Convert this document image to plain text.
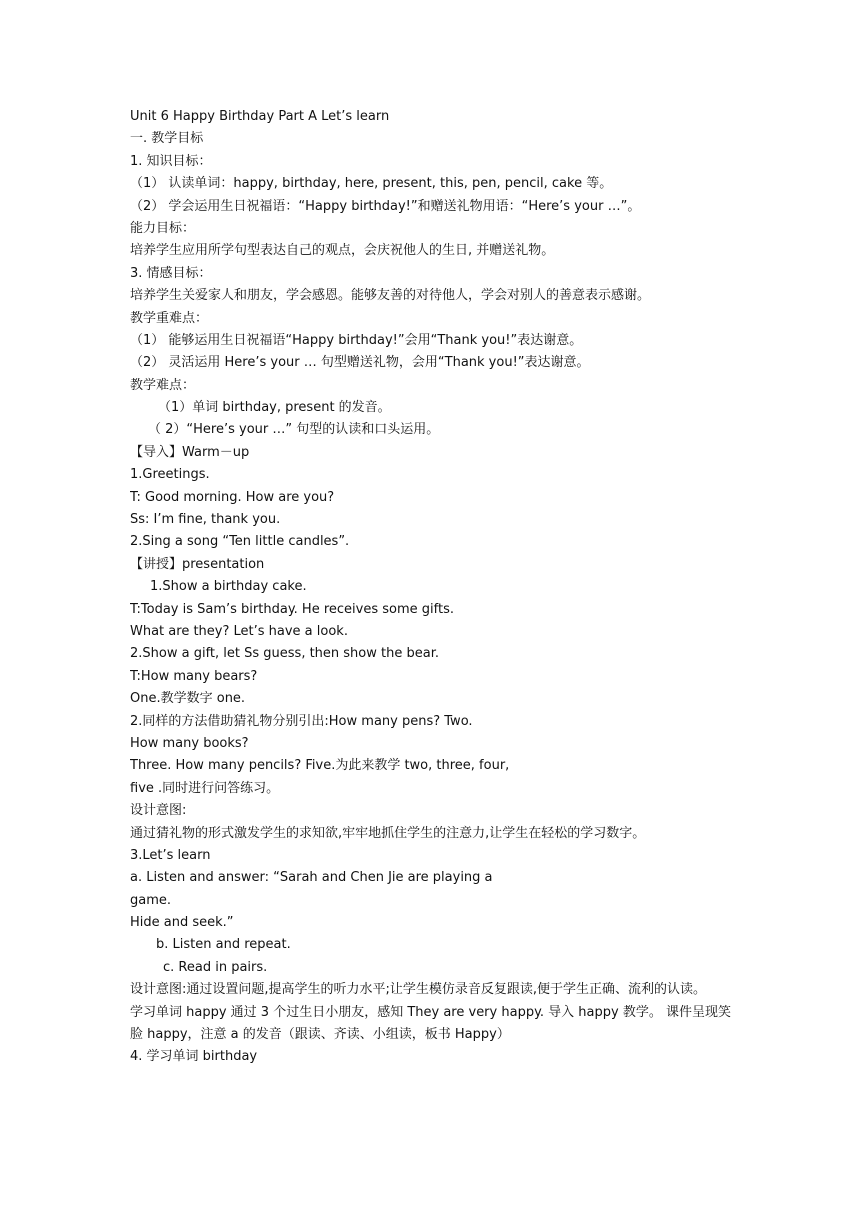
Unit 6 Happy Birthday Part A Let’s learn
一. 教学目标
1. 知识目标：
（1） 认读单词：happy, birthday, here, present, this, pen, pencil, cake 等。
（2） 学会运用生日祝福语：“Happy birthday!”和赠送礼物用语：“Here’s your …”。
能力目标：
培养学生应用所学句型表达自己的观点，会庆祝他人的生日, 并赠送礼物。
3. 情感目标：
培养学生关爱家人和朋友，学会感恩。能够友善的对待他人，学会对别人的善意表示感谢。
教学重难点：
（1） 能够运用生日祝福语“Happy birthday!”会用“Thank you!”表达谢意。
（2） 灵活运用 Here’s your … 句型赠送礼物，会用“Thank you!”表达谢意。
教学难点：
（1）单词 birthday, present 的发音。
（ 2）“Here’s your …” 句型的认读和口头运用。
【导入】Warm－up
1.Greetings.
T: Good morning. How are you?
Ss: I’m fine, thank you.
2.Sing a song “Ten little candles”.
【讲授】presentation
1.Show a birthday cake.
T:Today is Sam’s birthday. He receives some gifts.
What are they? Let’s have a look.
2.Show a gift, let Ss guess, then show the bear.
T:How many bears?
One.教学数字 one.
2.同样的方法借助猜礼物分别引出:How many pens? Two.
How many books?
Three. How many pencils? Five.为此来教学 two, three, four,
five .同时进行问答练习。
设计意图:
通过猜礼物的形式激发学生的求知欲,牢牢地抓住学生的注意力,让学生在轻松的学习数字。
3.Let’s learn
a. Listen and answer: “Sarah and Chen Jie are playing a
game.
Hide and seek.”
b. Listen and repeat.
c. Read in pairs.
设计意图:通过设置问题,提高学生的听力水平;让学生模仿录音反复跟读,便于学生正确、流利的认读。
学习单词 happy 通过 3 个过生日小朋友，感知 They are very happy. 导入 happy 教学。 课件呈现笑脸 happy，注意 a 的发音（跟读、齐读、小组读，板书 Happy）
4. 学习单词 birthday
